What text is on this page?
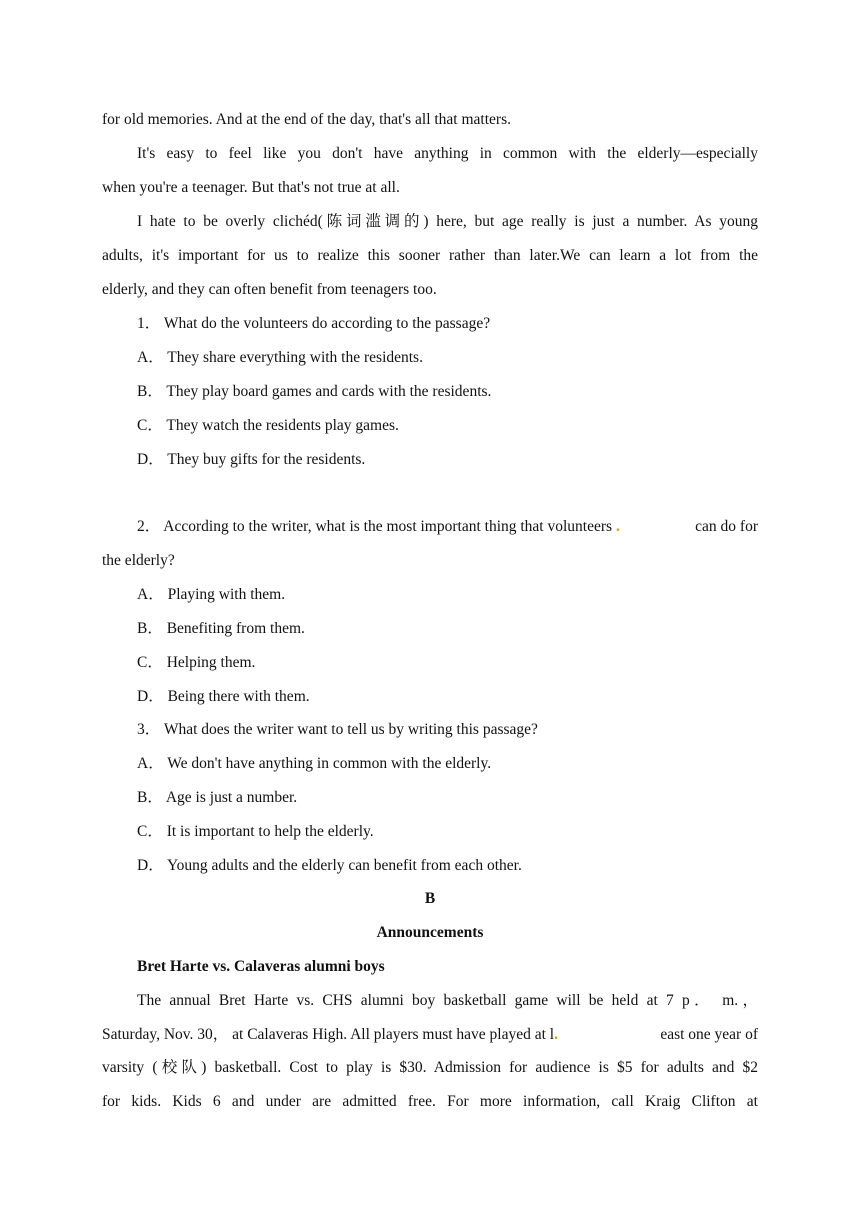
for old memories. And at the end of the day, that's all that matters.
It's easy to feel like you don't have anything in common with the elderly—especially
when you're a teenager. But that's not true at all.
I hate to be overly clichéd(陈词滥调的) here, but age really is just a number. As young
adults, it's important for us to realize this sooner rather than later.We can learn a lot from the
elderly, and they can often benefit from teenagers too.
1． What do the volunteers do according to the passage?
A． They share everything with the residents.
B． They play board games and cards with the residents.
C． They watch the residents play games.
D． They buy gifts for the residents.
2． According to the writer, what is the most important thing that volunteers .	can do for
the elderly?
A． Playing with them.
B． Benefiting from them.
C． Helping them.
D． Being there with them.
3． What does the writer want to tell us by writing this passage?
A． We don't have anything in common with the elderly.
B． Age is just a number.
C． It is important to help the elderly.
D． Young adults and the elderly can benefit from each other.
B
Announcements
Bret Harte vs. Calaveras alumni boys
The annual Bret Harte vs. CHS alumni boy basketball game will be held at 7 p． m.，
Saturday, Nov. 30， at Calaveras High. All players must have played at l.	east one year of
varsity (校队) basketball. Cost to play is $30. Admission for audience is $5 for adults and $2
for kids. Kids 6 and under are admitted free. For more information, call Kraig Clifton at
